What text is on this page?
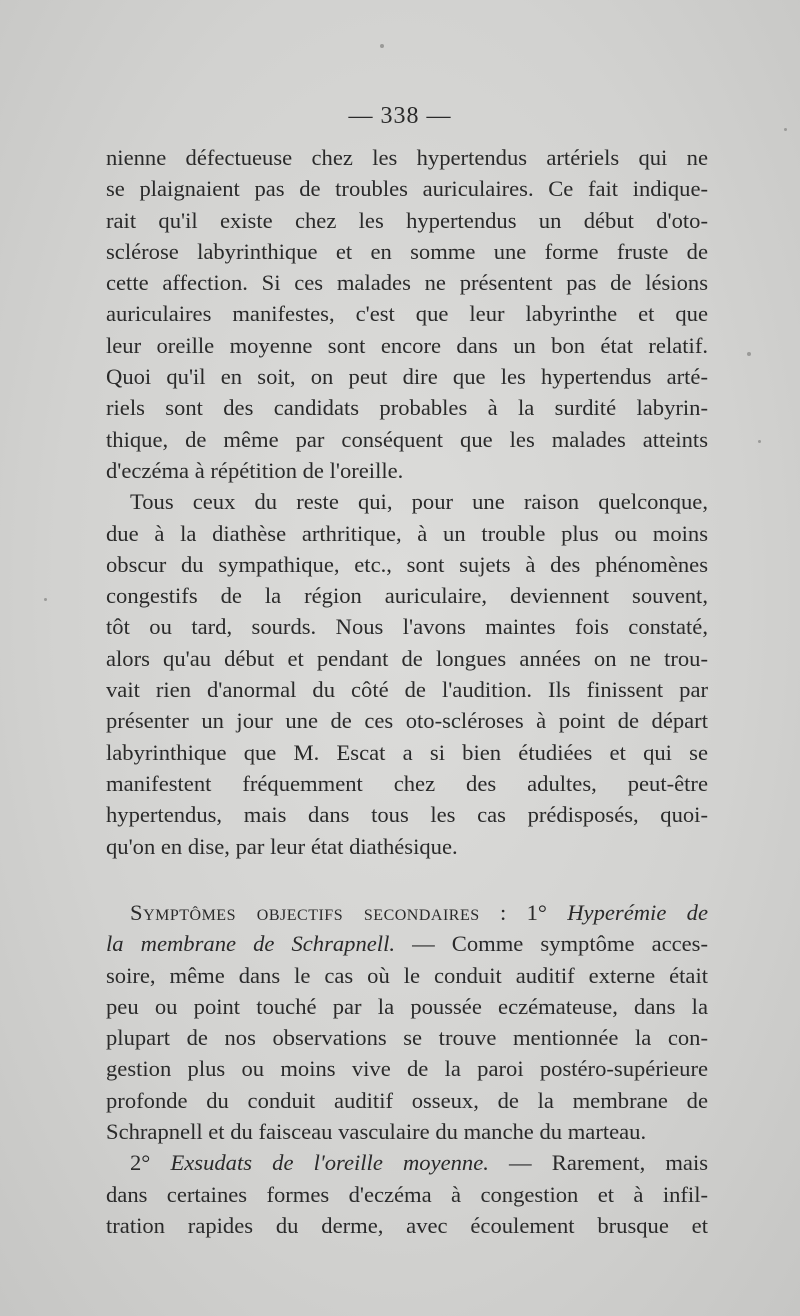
— 338 —

nienne défectueuse chez les hypertendus artériels qui ne
se plaignaient pas de troubles auriculaires. Ce fait indique-
rait qu'il existe chez les hypertendus un début d'oto-
sclérose labyrinthique et en somme une forme fruste de
cette affection. Si ces malades ne présentent pas de lésions
auriculaires manifestes, c'est que leur labyrinthe et que
leur oreille moyenne sont encore dans un bon état relatif.
Quoi qu'il en soit, on peut dire que les hypertendus arté-
riels sont des candidats probables à la surdité labyrin-
thique, de même par conséquent que les malades atteints
d'eczéma à répétition de l'oreille.

Tous ceux du reste qui, pour une raison quelconque,
due à la diathèse arthritique, à un trouble plus ou moins
obscur du sympathique, etc., sont sujets à des phénomènes
congestifs de la région auriculaire, deviennent souvent,
tôt ou tard, sourds. Nous l'avons maintes fois constaté,
alors qu'au début et pendant de longues années on ne trou-
vait rien d'anormal du côté de l'audition. Ils finissent par
présenter un jour une de ces oto-scléroses à point de départ
labyrinthique que M. Escat a si bien étudiées et qui se
manifestent fréquemment chez des adultes, peut-être
hypertendus, mais dans tous les cas prédisposés, quoi-
qu'on en dise, par leur état diathésique.

Symptômes objectifs secondaires : 1° Hyperémie de
la membrane de Schrapnell. — Comme symptôme acces-
soire, même dans le cas où le conduit auditif externe était
peu ou point touché par la poussée eczémateuse, dans la
plupart de nos observations se trouve mentionnée la con-
gestion plus ou moins vive de la paroi postéro-supérieure
profonde du conduit auditif osseux, de la membrane de
Schrapnell et du faisceau vasculaire du manche du marteau.

2° Exsudats de l'oreille moyenne. — Rarement, mais
dans certaines formes d'eczéma à congestion et à infil-
tration rapides du derme, avec écoulement brusque et
